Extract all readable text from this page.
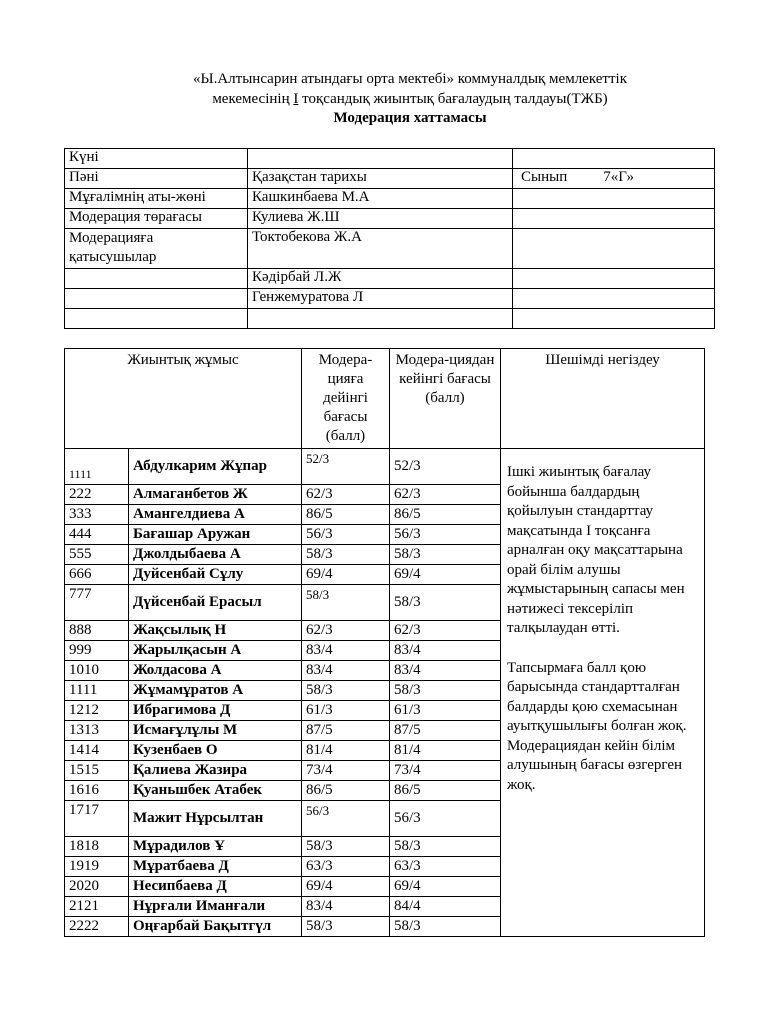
«Ы.Алтынсарин атындағы орта мектебі» коммуналдық мемлекеттік
мекемесінің I тоқсандық жиынтық бағалаудың талдауы(ТЖБ)
Модерация хаттамасы
Күні		
Пәні	Қазақстан тарихы	Сынып 7«Г»
Мұғалімнің аты-жөні	Кашкинбаева М.А	
Модерация төрағасы	Кулиева Ж.Ш	
Модерацияға қатысушылар	Токтобекова Ж.А	
	Кәдірбай Л.Ж	
	Генжемуратова Л	

Жиынтық жұмыс		Модера-цияға дейінгі бағасы (балл)	Модера-циядан кейінгі бағасы (балл)	Шешімді негіздеу
1111	Абдулкарим Жұпар	52/3	52/3	Ішкі жиынтық бағалау бойынша балдардың қойылуын стандарттау мақсатында I тоқсанға арналған оқу мақсаттарына орай білім алушы жұмыстарының сапасы мен нәтижесі тексеріліп талқылаудан өтті.

Тапсырмаға балл қою барысында стандартталған балдарды қою схемасынан ауытқушылығы болған жоқ. Модерациядан кейін білім алушының бағасы өзгерген жоқ.

222	Алмаганбетов Ж	62/3	62/3	
333	Амангелдиева А	86/5	86/5	
444	Бағашар Аружан	56/3	56/3	
555	Джолдыбаева А	58/3	58/3	
666	Дуйсенбай Сұлу	69/4	69/4	
777	Дүйсенбай Ерасыл	58/3	58/3	
888	Жақсылық Н	62/3	62/3	
999	Жарылқасын А	83/4	83/4	
1010	Жолдасова А	83/4	83/4	
1111	Жұмамұратов А	58/3	58/3	
1212	Ибрагимова Д	61/3	61/3	
1313	Исмағұлұлы М	87/5	87/5	
1414	Кузенбаев О	81/4	81/4	
1515	Қалиева Жазира	73/4	73/4	
1616	Қуаньшбек Атабек	86/5	86/5	
1717	Мажит Нұрсылтан	56/3	56/3	
1818	Мұрадилов Ұ	58/3	58/3	
1919	Мұратбаева Д	63/3	63/3	
2020	Несипбаева Д	69/4	69/4	
2121	Нұрғали Иманғали	83/4	84/4	
2222	Оңғарбай Бақытгүл	58/3	58/3	
